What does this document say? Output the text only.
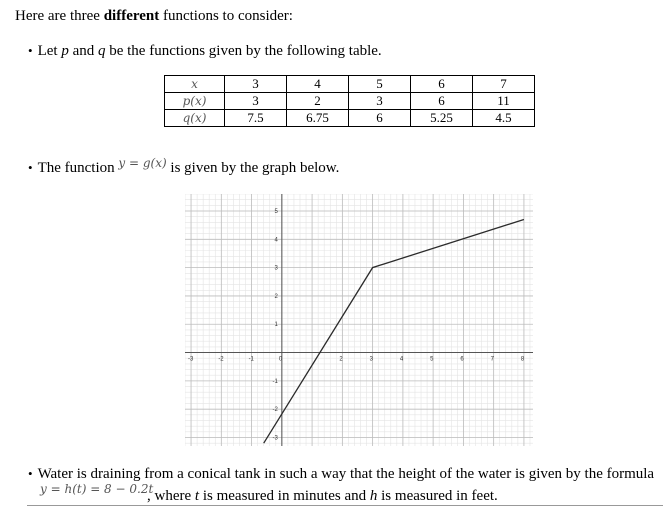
Here are three different functions to consider:
• Let p and q be the functions given by the following table.
x	3	4	5	6	7
p(x)	3	2	3	6	11
q(x)	7.5	6.75	6	5.25	4.5
• The function $^{y = g(x)}$ is given by the graph below.
-3	-2	-1	0	2	3	4	5	6	7	8
5
4
3
2
1
-1
-2
-3
• Water is draining from a conical tank in such a way that the height of the water is given by the formula
y = h(t) = 8 − 0.2t
, where t is measured in minutes and h is measured in feet.
